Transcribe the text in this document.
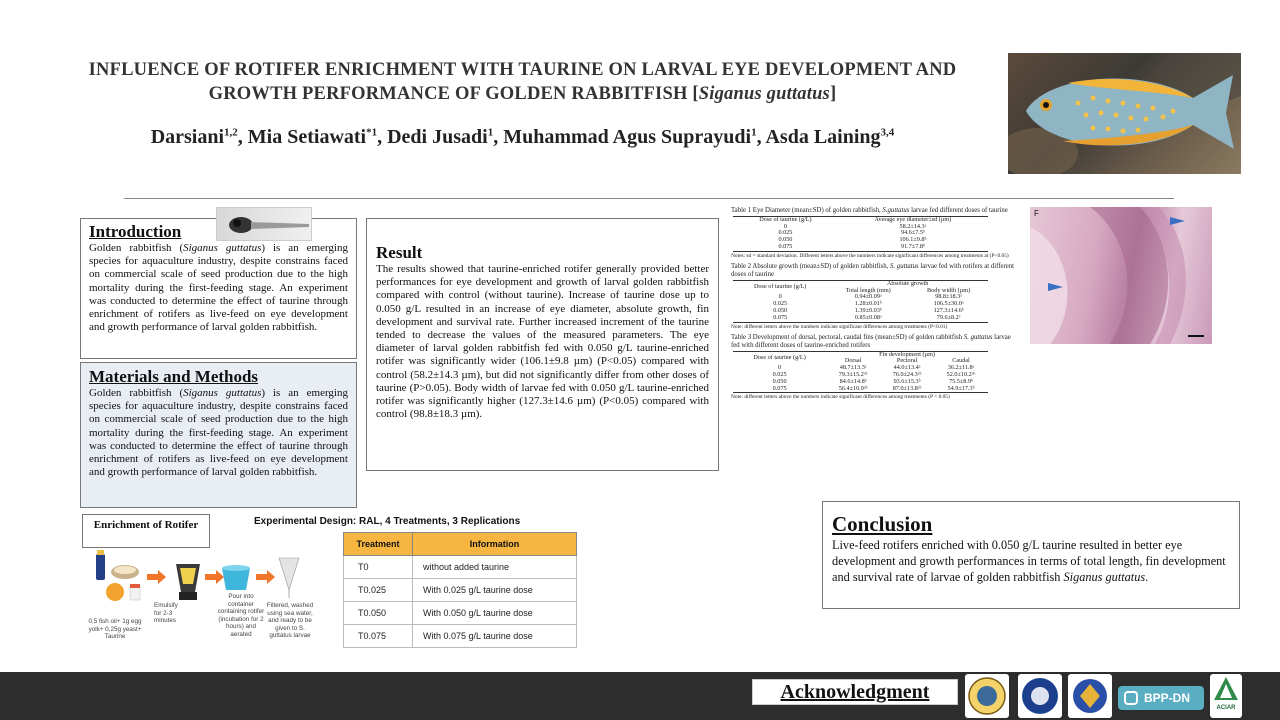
INFLUENCE OF ROTIFER ENRICHMENT WITH TAURINE ON LARVAL EYE DEVELOPMENT AND
GROWTH PERFORMANCE OF GOLDEN RABBITFISH [Siganus guttatus]
Darsiani$^{1,2}$, Mia Setiawati$^{*1}$, Dedi Jusadi$^1$, Muhammad Agus Suprayudi$^1$, Asda Laining$^{3,4}$
Introduction

Golden rabbitfish (Siganus guttatus) is an emerging species for aquaculture industry, despite constrains faced on commercial scale of seed production due to the high mortality during the first-feeding stage. An experiment was conducted to determine the effect of taurine through enrichment of rotifers as live-feed on eye development and growth performance of larval golden rabbitfish.

Materials and Methods

Golden rabbitfish (Siganus guttatus) is an emerging species for aquaculture industry, despite constrains faced on commercial scale of seed production due to the high mortality during the first-feeding stage. An experiment was conducted to determine the effect of taurine through enrichment of rotifers as live-feed on eye development and growth performance of larval golden rabbitfish.

Result

The results showed that taurine-enriched rotifer generally provided better performances for eye development and growth of larval golden rabbitfish compared with control (without taurine). Increase of taurine dose up to 0.050 g/L resulted in an increase of eye diameter, absolute growth, fin development and survival rate. Further increased increment of the taurine tended to decrease the values of the measured parameters. The eye diameter of larval golden rabbitfish fed with 0.050 g/L taurine-enriched rotifer was significantly wider (106.1±9.8 µm) (P<0.05) compared with control (58.2±14.3 µm), but did not significantly differ from other doses of taurine (P>0.05). Body width of larvae fed with 0.050 g/L taurine-enriched rotifer was significantly higher (127.3±14.6 µm) (P<0.05) compared with control (98.8±18.3 µm).

Table 1 Eye Diameter (mean±SD) of golden rabbitfish, S.guttatus larvae fed different doses of taurine
Dose of taurine (g/L)	Average eye diameter±sd (µm)
0	58.2±14.3ᵃ
0.025	94.6±7.5ᵇ
0.050	106.1±9.8ᵇ
0.075	91.7±7.8ᵇ
Notes: sd = standard deviation. Different letters above the numbers indicate significant differences among treatments at (P<0.05)
Table 2 Absolute growth (mean±SD) of golden rabbitfish, S. guttatus larvae fed with rotifers at different doses of taurine
Dose of taurine (g/L)	Absolute growth	
	Total length (mm)	Body width (µm)
0	0.94±0.09ᵃ	98.8±18.3ᵃ
0.025	1.28±0.01ᵇ	106.5±30.0ᵃ
0.050	1.39±0.03ᵇ	127.3±14.6ᵇ
0.075	0.85±0.08ᵃ	79.6±8.2ᵃ
Note: different letters above the numbers indicate significant differences among treatments (P<0.01)
Table 3 Development of dorsal, pectoral, caudal fins (mean±SD) of golden rabbitfish S. guttatus larvae fed with different doses of taurine-enriched rotifers
Dose of taurine (g/L)	Fin development (µm)		
	Dorsal	Pectoral	Caudal
0	48.7±13.3ᵃ	44.0±13.4ᵃ	36.2±11.8ᵃ
0.025	79.3±15.2ᵃᵇ	76.0±24.3ᵃᵇ	52.0±10.2ᵃᵇ
0.050	84.6±14.8ᵇ	93.6±15.3ᵇ	75.5±8.9ᵇ
0.075	56.4±10.9ᵃᵇ	87.0±13.8ᵃᵇ	54.9±17.3ᵇ
Note: different letters above the numbers indicate significant differences among treatments (P < 0.05)
F
Enrichment of Rotifer	Experimental Design: RAL, 4 Treatments, 3 Replications
0,5 fish oil+ 1g egg yolk+ 0,25g yeast+ Taurine
Emulsify for 2-3 minutes
Pour into container containing rotifer (incubation for 2 hours) and aerated
Filtered, washed using sea water, and ready to be given to S. guttatus larvae
Treatment	Information
T0	without added taurine
T0.025	With 0.025 g/L taurine dose
T0.050	With 0.050 g/L taurine dose
T0.075	With 0.075 g/L taurine dose
Conclusion

Live-feed rotifers enriched with 0.050 g/L taurine resulted in better eye development and growth performances in terms of total length, fin development and survival rate of larvae of golden rabbitfish Siganus guttatus.

Acknowledgment	BPP-DN
ACIAR
